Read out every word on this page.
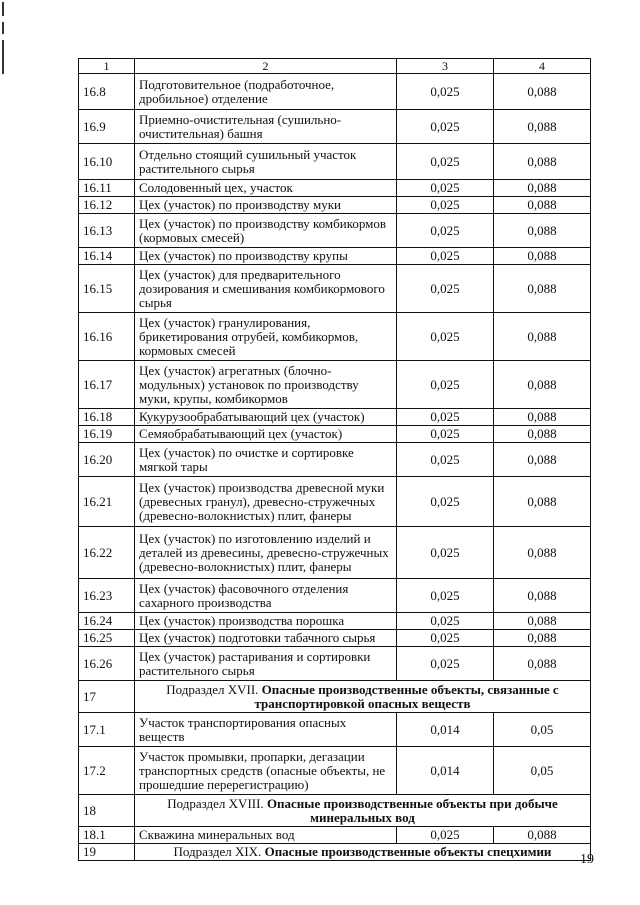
1	2	3	4
16.8	Подготовительное (подработочное, дробильное) отделение	0,025	0,088
16.9	Приемно-очистительная (сушильно-очистительная) башня	0,025	0,088
16.10	Отдельно стоящий сушильный участок растительного сырья	0,025	0,088
16.11	Солодовенный цех, участок	0,025	0,088
16.12	Цех (участок) по производству муки	0,025	0,088
16.13	Цех (участок) по производству комбикормов (кормовых смесей)	0,025	0,088
16.14	Цех (участок) по производству крупы	0,025	0,088
16.15	Цех (участок) для предварительного дозирования и смешивания комбикормового сырья	0,025	0,088
16.16	Цех (участок) гранулирования, брикетирования отрубей, комбикормов, кормовых смесей	0,025	0,088
16.17	Цех (участок) агрегатных (блочно-модульных) установок по производству муки, крупы, комбикормов	0,025	0,088
16.18	Кукурузообрабатывающий цех (участок)	0,025	0,088
16.19	Семяобрабатывающий цех (участок)	0,025	0,088
16.20	Цех (участок) по очистке и сортировке мягкой тары	0,025	0,088
16.21	Цех (участок) производства древесной муки (древесных гранул), древесно-стружечных (древесно-волокнистых) плит, фанеры	0,025	0,088
16.22	Цех (участок) по изготовлению изделий и деталей из древесины, древесно-стружечных (древесно-волокнистых) плит, фанеры	0,025	0,088
16.23	Цех (участок) фасовочного отделения сахарного производства	0,025	0,088
16.24	Цех (участок) производства порошка	0,025	0,088
16.25	Цех (участок) подготовки табачного сырья	0,025	0,088
16.26	Цех (участок) растаривания и сортировки растительного сырья	0,025	0,088
17	Подраздел XVII. Опасные производственные объекты, связанные с транспортировкой опасных веществ		
17.1	Участок транспортирования опасных веществ	0,014	0,05
17.2	Участок промывки, пропарки, дегазации транспортных средств (опасные объекты, не прошедшие перерегистрацию)	0,014	0,05
18	Подраздел XVIII. Опасные производственные объекты при добыче минеральных вод		
18.1	Скважина минеральных вод	0,025	0,088
19	Подраздел XIX. Опасные производственные объекты спецхимии		
19
